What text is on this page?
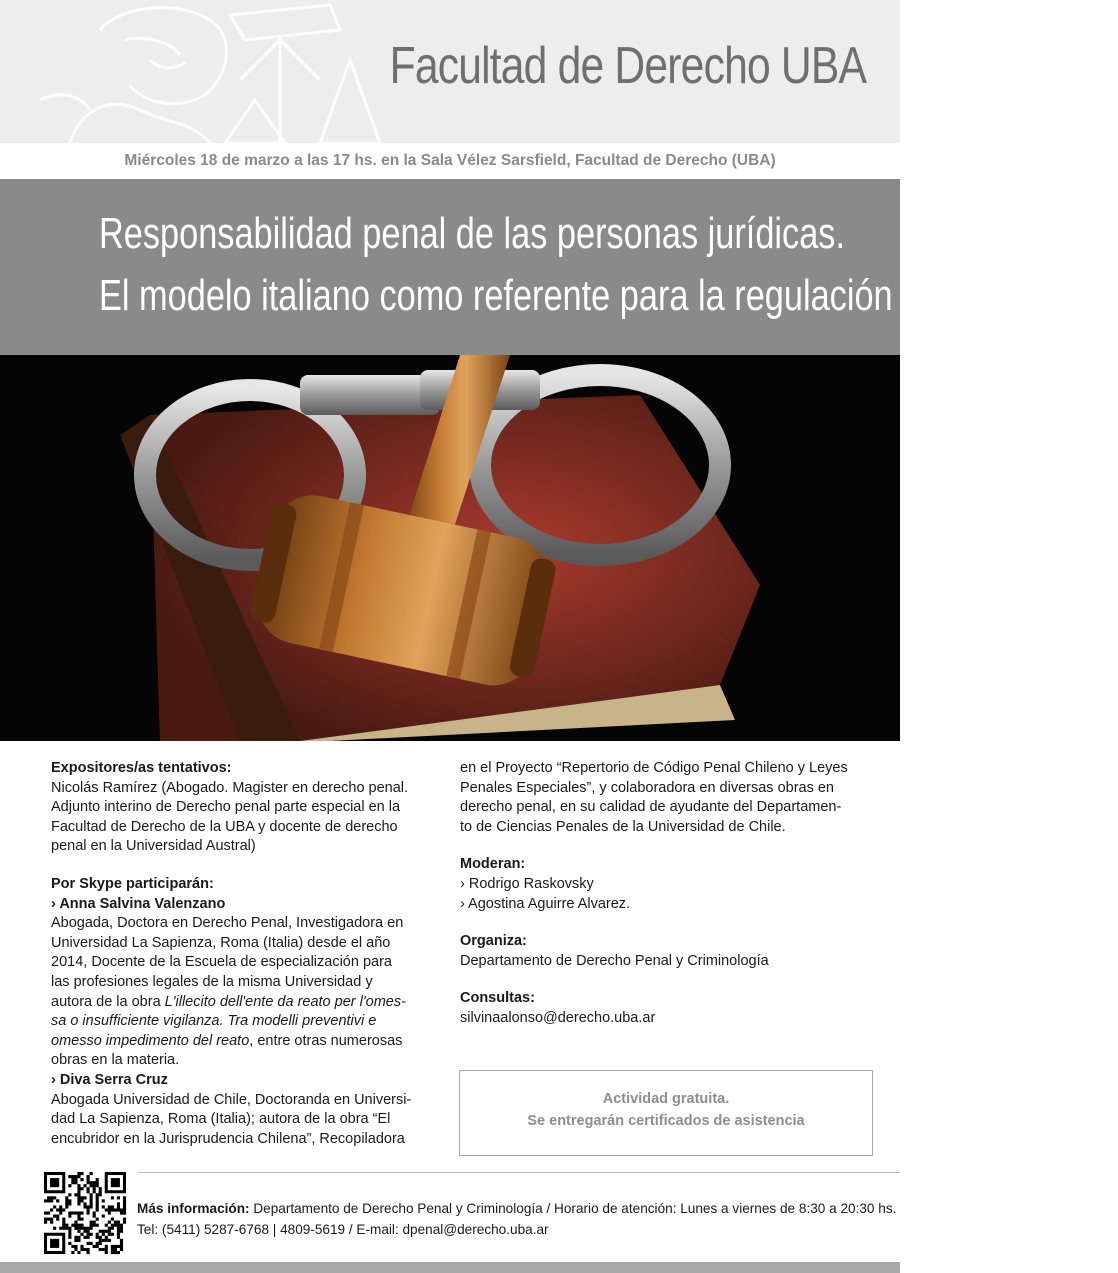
Facultad de Derecho UBA
Miércoles 18 de marzo a las 17 hs. en la Sala Vélez Sarsfield, Facultad de Derecho (UBA)
Responsabilidad penal de las personas jurídicas.
El modelo italiano como referente para la regulación sudamericana

Expositores/as tentativos:

Nicolás Ramírez (Abogado. Magister en derecho penal.

Adjunto interino de Derecho penal parte especial en la

Facultad de Derecho de la UBA y docente de derecho

penal en la Universidad Austral)

Por Skype participarán:

› Anna Salvina Valenzano

Abogada, Doctora en Derecho Penal, Investigadora en

Universidad La Sapienza, Roma (Italia) desde el año

2014, Docente de la Escuela de especialización para

las profesiones legales de la misma Universidad y

autora de la obra L'illecito dell'ente da reato per l'omes-

sa o insufficiente vigilanza. Tra modelli preventivi e

omesso impedimento del reato, entre otras numerosas

obras en la materia.

› Diva Serra Cruz

Abogada Universidad de Chile, Doctoranda en Universi-

dad La Sapienza, Roma (Italia); autora de la obra “El

encubridor en la Jurisprudencia Chilena”, Recopiladora

en el Proyecto “Repertorio de Código Penal Chileno y Leyes

Penales Especiales”, y colaboradora en diversas obras en

derecho penal, en su calidad de ayudante del Departamen-

to de Ciencias Penales de la Universidad de Chile.

Moderan:

› Rodrigo Raskovsky

› Agostina Aguirre Alvarez.

Organiza:

Departamento de Derecho Penal y Criminología

Consultas:

silvinaalonso@derecho.uba.ar

Actividad gratuita.
Se entregarán certificados de asistencia
Más información: Departamento de Derecho Penal y Criminología / Horario de atención: Lunes a viernes de 8:30 a 20:30 hs.
Tel: (5411) 5287-6768 | 4809-5619 / E-mail: dpenal@derecho.uba.ar
